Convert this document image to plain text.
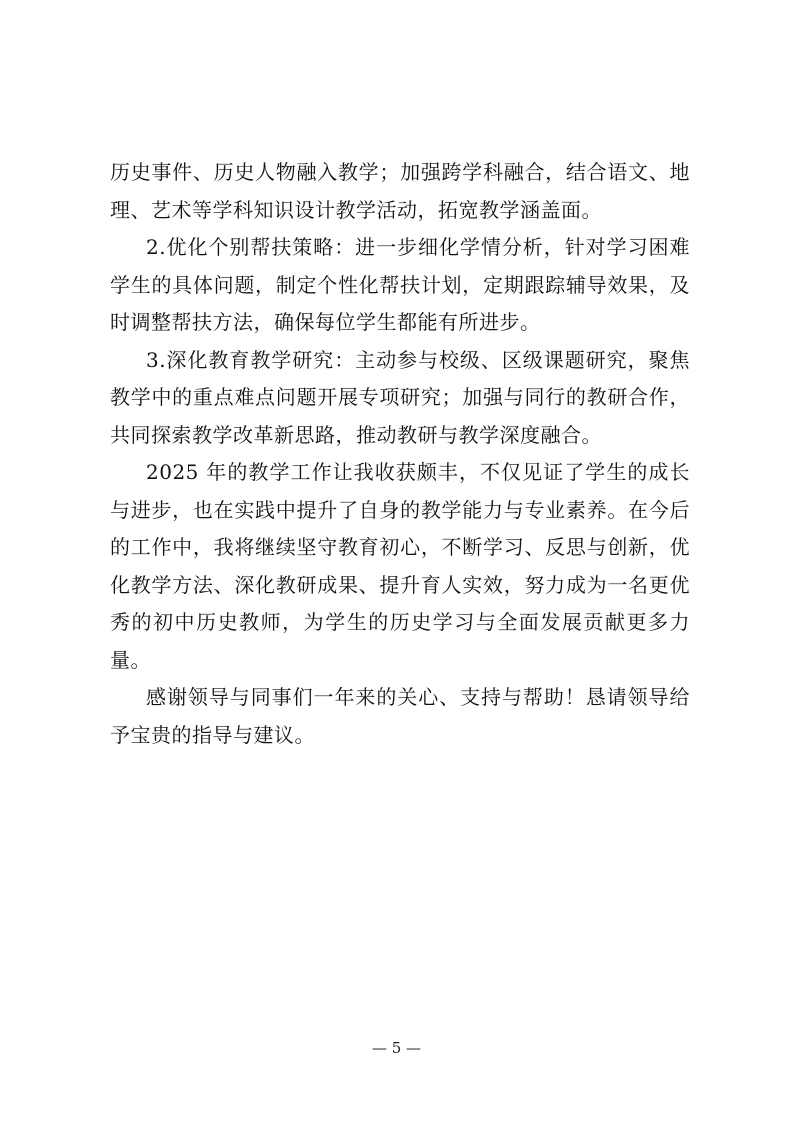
历史事件、历史人物融入教学；加强跨学科融合，结合语文、地理、艺术等学科知识设计教学活动，拓宽教学涵盖面。

2.优化个别帮扶策略：进一步细化学情分析，针对学习困难学生的具体问题，制定个性化帮扶计划，定期跟踪辅导效果，及时调整帮扶方法，确保每位学生都能有所进步。

3.深化教育教学研究：主动参与校级、区级课题研究，聚焦教学中的重点难点问题开展专项研究；加强与同行的教研合作，共同探索教学改革新思路，推动教研与教学深度融合。

2025 年的教学工作让我收获颇丰，不仅见证了学生的成长与进步，也在实践中提升了自身的教学能力与专业素养。在今后的工作中，我将继续坚守教育初心，不断学习、反思与创新，优化教学方法、深化教研成果、提升育人实效，努力成为一名更优秀的初中历史教师，为学生的历史学习与全面发展贡献更多力量。

感谢领导与同事们一年来的关心、支持与帮助！恳请领导给予宝贵的指导与建议。

— 5 —
